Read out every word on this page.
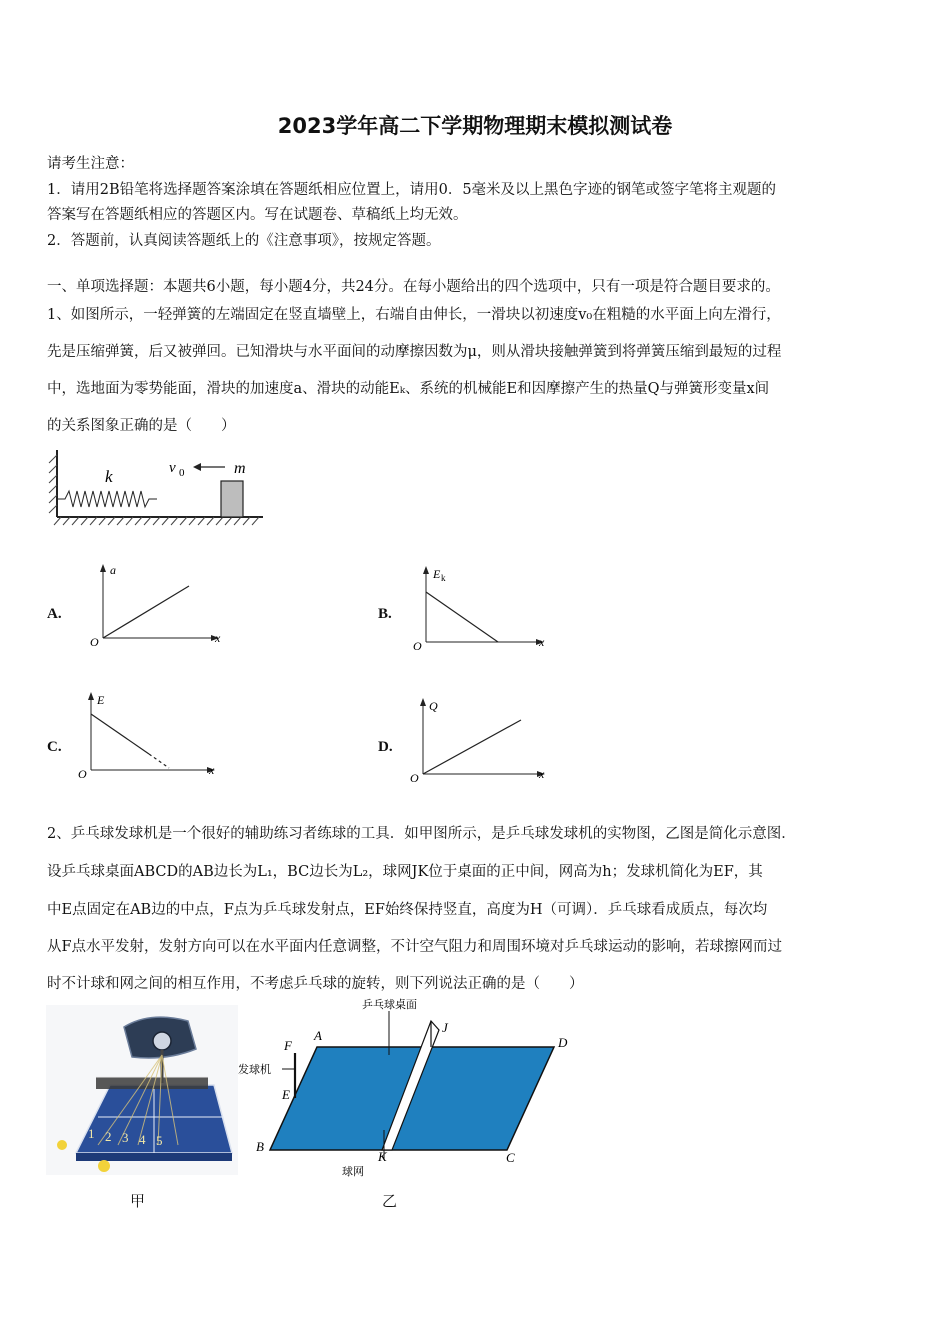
2023学年高二下学期物理期末模拟测试卷
请考生注意：
1．请用2B铅笔将选择题答案涂填在答题纸相应位置上，请用0．5毫米及以上黑色字迹的钢笔或签字笔将主观题的
答案写在答题纸相应的答题区内。写在试题卷、草稿纸上均无效。
2．答题前，认真阅读答题纸上的《注意事项》，按规定答题。
一、单项选择题：本题共6小题，每小题4分，共24分。在每小题给出的四个选项中，只有一项是符合题目要求的。
1、如图所示，一轻弹簧的左端固定在竖直墙壁上，右端自由伸长，一滑块以初速度v₀在粗糙的水平面上向左滑行，
先是压缩弹簧，后又被弹回。已知滑块与水平面间的动摩擦因数为μ，则从滑块接触弹簧到将弹簧压缩到最短的过程
中，选地面为零势能面，滑块的加速度a、滑块的动能Eₖ、系统的机械能E和因摩擦产生的热量Q与弹簧形变量x间
的关系图象正确的是（　　）
k	m
v 0
A.	B.
C.	D.
a
x
O
E k
x
O
E
x
O
Q
x
O
2、乒乓球发球机是一个很好的辅助练习者练球的工具．如甲图所示，是乒乓球发球机的实物图，乙图是简化示意图．
设乒乓球桌面ABCD的AB边长为L₁，BC边长为L₂，球网JK位于桌面的正中间，网高为h；发球机简化为EF，其
中E点固定在AB边的中点，F点为乒乓球发射点，EF始终保持竖直，高度为H（可调）．乒乓球看成质点，每次均
从F点水平发射，发射方向可以在水平面内任意调整，不计空气阻力和周围环境对乒乓球运动的影响，若球擦网而过
时不计球和网之间的相互作用，不考虑乒乓球的旋转，则下列说法正确的是（　　）
1 2 3 4 5
乒乓球桌面
发球机
球网
A
B
C
D
E
F
J
K
甲	乙
